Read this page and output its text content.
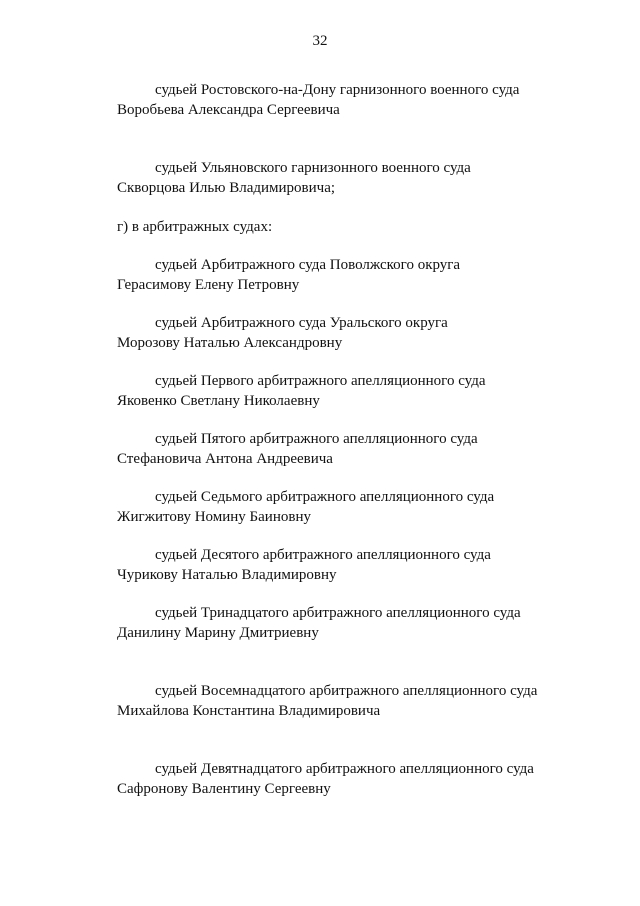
32
судьей Ростовского-на-Дону гарнизонного военного суда
Воробьева Александра Сергеевича
судьей Ульяновского гарнизонного военного суда
Скворцова Илью Владимировича;
г) в арбитражных судах:
судьей Арбитражного суда Поволжского округа
Герасимову Елену Петровну
судьей Арбитражного суда Уральского округа
Морозову Наталью Александровну
судьей Первого арбитражного апелляционного суда
Яковенко Светлану Николаевну
судьей Пятого арбитражного апелляционного суда
Стефановича Антона Андреевича
судьей Седьмого арбитражного апелляционного суда
Жигжитову Номину Баиновну
судьей Десятого арбитражного апелляционного суда
Чурикову Наталью Владимировну
судьей Тринадцатого арбитражного апелляционного суда
Данилину Марину Дмитриевну
судьей Восемнадцатого арбитражного апелляционного суда
Михайлова Константина Владимировича
судьей Девятнадцатого арбитражного апелляционного суда
Сафронову Валентину Сергеевну
